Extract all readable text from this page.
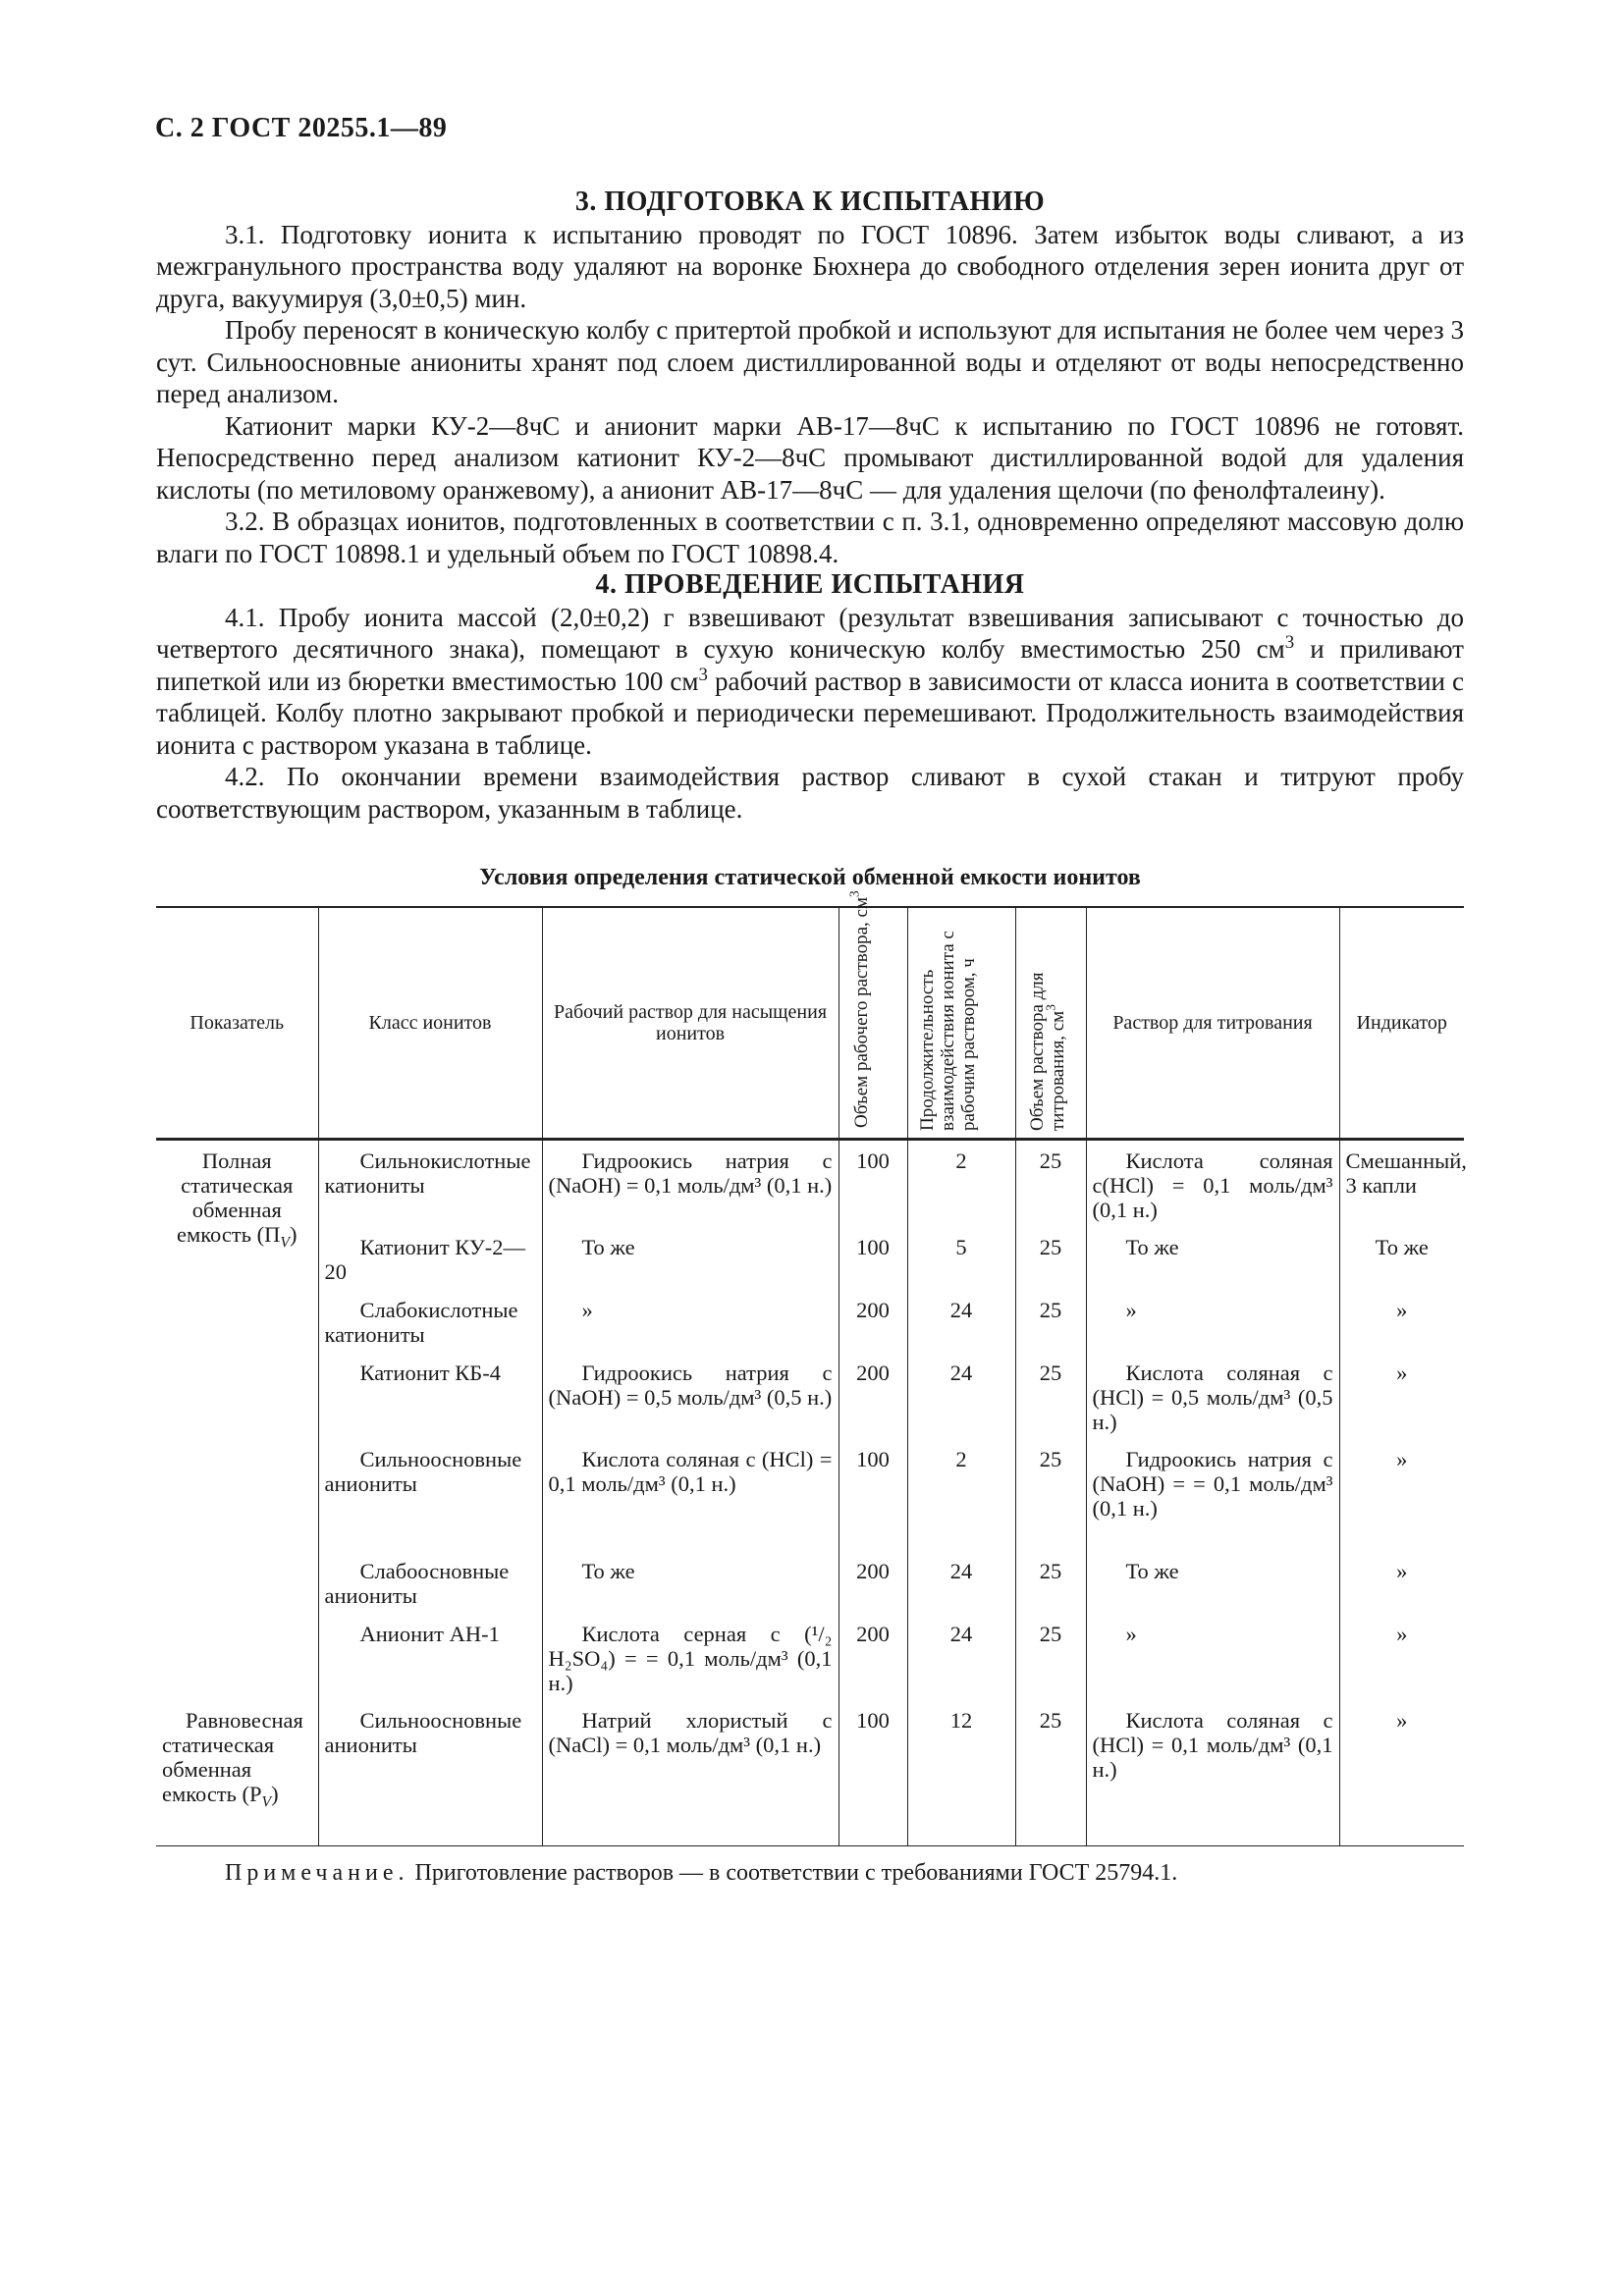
С. 2 ГОСТ 20255.1—89
3. ПОДГОТОВКА К ИСПЫТАНИЮ

3.1. Подготовку ионита к испытанию проводят по ГОСТ 10896. Затем избыток воды сливают, а из межгранульного пространства воду удаляют на воронке Бюхнера до свободного отделения зерен ионита друг от друга, вакуумируя (3,0±0,5) мин.

Пробу переносят в коническую колбу с притертой пробкой и используют для испытания не более чем через 3 сут. Сильноосновные аниониты хранят под слоем дистиллированной воды и отделяют от воды непосредственно перед анализом.

Катионит марки КУ-2—8чС и анионит марки АВ-17—8чС к испытанию по ГОСТ 10896 не готовят. Непосредственно перед анализом катионит КУ-2—8чС промывают дистиллированной водой для удаления кислоты (по метиловому оранжевому), а анионит АВ-17—8чС — для удаления щелочи (по фенолфталеину).

3.2. В образцах ионитов, подготовленных в соответствии с п. 3.1, одновременно определяют массовую долю влаги по ГОСТ 10898.1 и удельный объем по ГОСТ 10898.4.

4. ПРОВЕДЕНИЕ ИСПЫТАНИЯ

4.1. Пробу ионита массой (2,0±0,2) г взвешивают (результат взвешивания записывают с точностью до четвертого десятичного знака), помещают в сухую коническую колбу вместимостью 250 $см^3$ и приливают пипеткой или из бюретки вместимостью 100 $см^3$ рабочий раствор в зависимости от класса ионита в соответствии с таблицей. Колбу плотно закрывают пробкой и периодически перемешивают. Продолжительность взаимодействия ионита с раствором указана в таблице.

4.2. По окончании времени взаимодействия раствор сливают в сухой стакан и титруют пробу соответствующим раствором, указанным в таблице.

Условия определения статической обменной емкости ионитов
Показатель	Класс ионитов	Рабочий раствор для насыщения ионитов	Объем рабочего раствора, $см^3$	Продолжительность взаимодействия ионита с рабочим раствором, ч	Объем раствора для титрования, $см^3$	Раствор для титрования	Индикатор
Полная статическая обменная емкость $(П_V)$	Сильнокислотные катиониты	Гидроокись натрия c (NaOH) = 0,1 моль/дм³ (0,1 н.)	100	2	25	Кислота соляная c(HCl) = 0,1 моль/дм³ (0,1 н.)	Смешанный, 3 капли
	Катионит КУ-2—20	То же	100	5	25	То же	То же
	Слабокислотные катиониты	»	200	24	25	»	»
	Катионит КБ-4	Гидроокись натрия c (NaOH) = 0,5 моль/дм³ (0,5 н.)	200	24	25	Кислота соляная c (HCl) = 0,5 моль/дм³ (0,5 н.)	»
	Сильноосновные аниониты	Кислота соляная c (HCl) = 0,1 моль/дм³ (0,1 н.)	100	2	25	Гидроокись натрия c (NaOH) = = 0,1 моль/дм³ (0,1 н.)	»
	Слабоосновные аниониты	То же	200	24	25	То же	»
	Анионит АН-1	Кислота серная c (¹/₂ H₂SO₄) = = 0,1 моль/дм³ (0,1 н.)	200	24	25	»	»
Равновесная статическая обменная емкость $(P_V)$	Сильноосновные аниониты	Натрий хлористый c (NaCl) = 0,1 моль/дм³ (0,1 н.)	100	12	25	Кислота соляная c (HCl) = 0,1 моль/дм³ (0,1 н.)	»
Примечание. Приготовление растворов — в соответствии с требованиями ГОСТ 25794.1.
